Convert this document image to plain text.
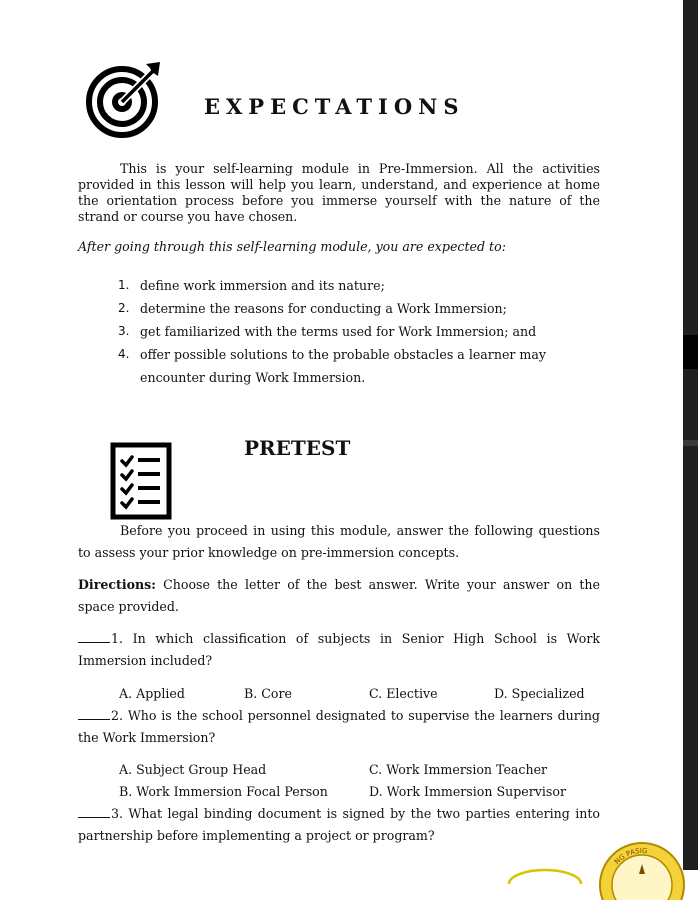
EXPECTATIONS

This is your self-learning module in Pre-Immersion. All the activities provided in this lesson will help you learn, understand, and experience at home the orientation process before you immerse yourself with the nature of the strand or course you have chosen.

After going through this self-learning module, you are expected to:

1. define work immersion and its nature;
2. determine the reasons for conducting a Work Immersion;
3. get familiarized with the terms used for Work Immersion; and
4. offer possible solutions to the probable obstacles a learner may encounter during Work Immersion.
PRETEST

Before you proceed in using this module, answer the following questions to assess your prior knowledge on pre-immersion concepts.

Directions: Choose the letter of the best answer. Write your answer on the space provided.

1. In which classification of subjects in Senior High School is Work Immersion included?

A. Applied	B. Core	C. Elective	D. Specialized

2. Who is the school personnel designated to supervise the learners during the Work Immersion?

A. Subject Group Head	C. Work Immersion Teacher
B. Work Immersion Focal Person	D. Work Immersion Supervisor

3. What legal binding document is signed by the two parties entering into partnership before implementing a project or program?

NG PASIG
